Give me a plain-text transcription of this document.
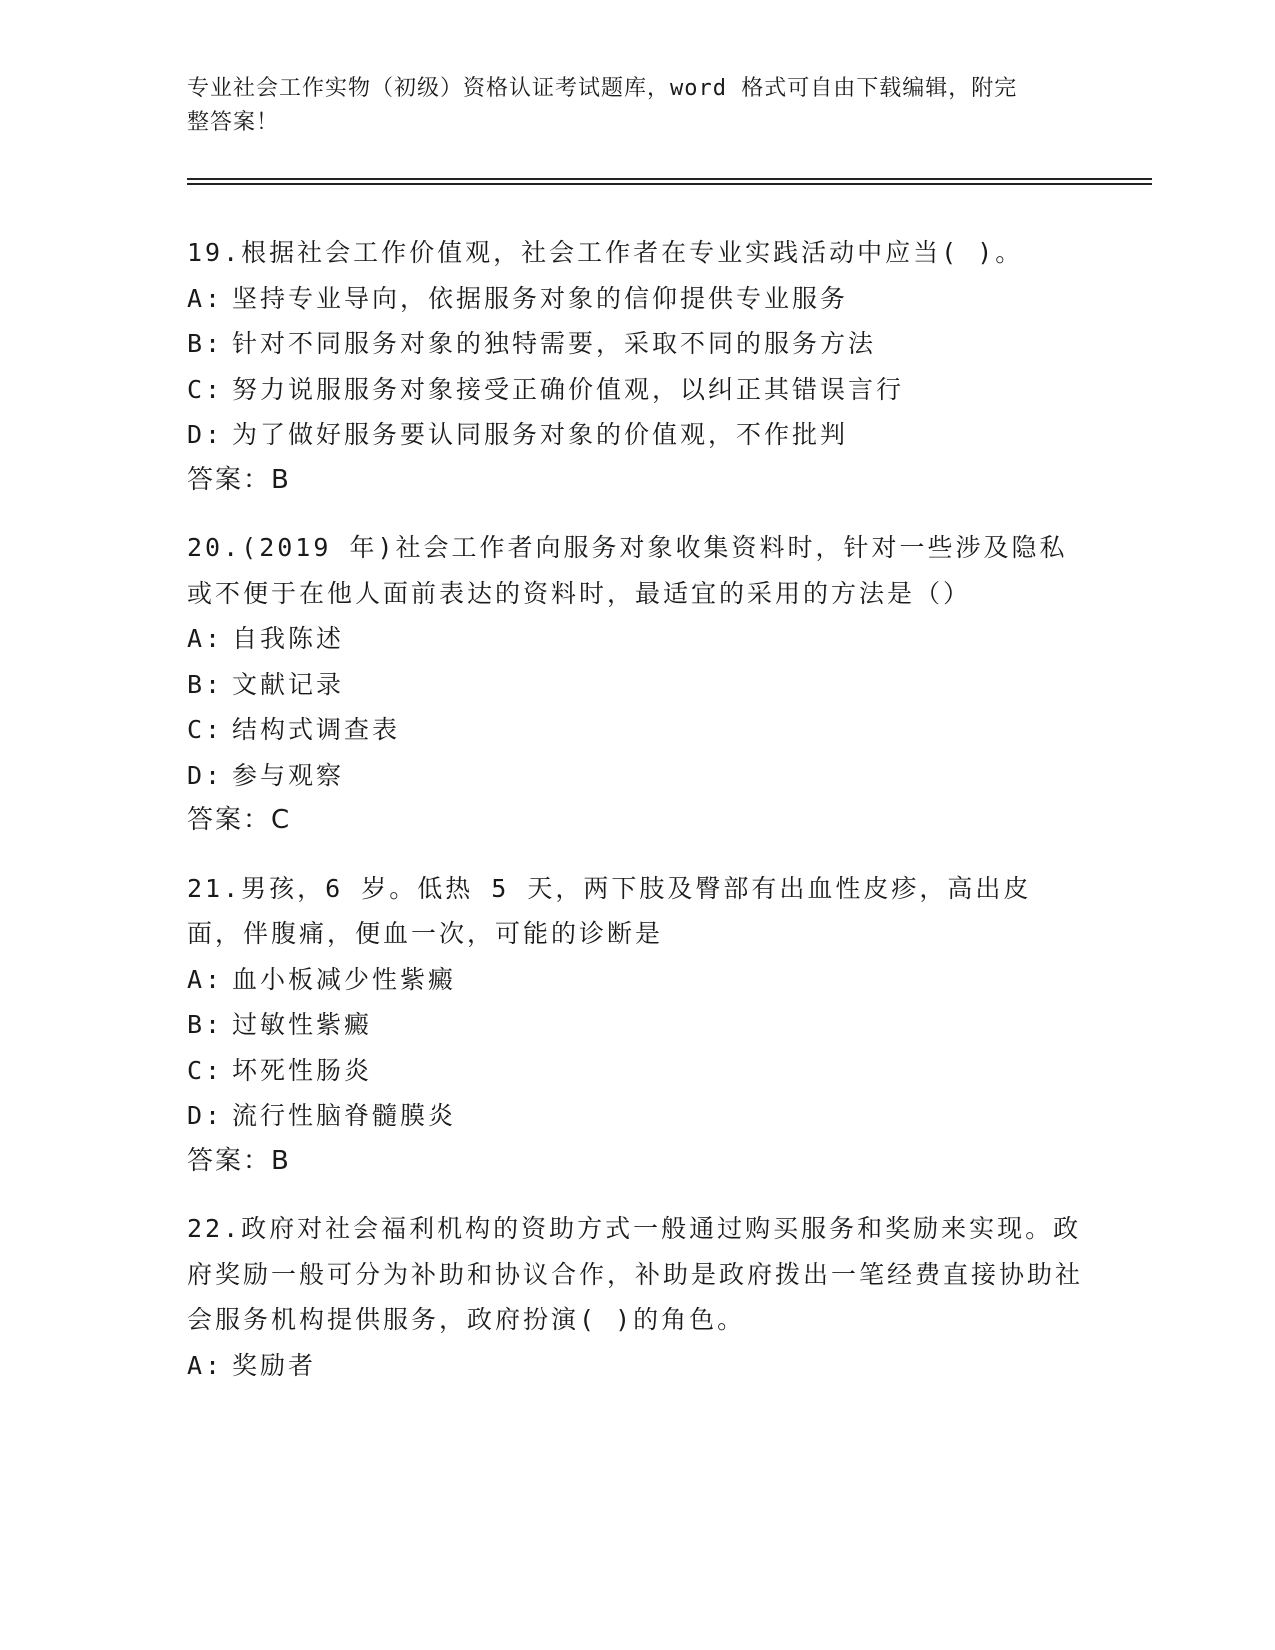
专业社会工作实物（初级）资格认证考试题库，word 格式可自由下载编辑，附完
整答案！
19.根据社会工作价值观，社会工作者在专业实践活动中应当( )。
A: 坚持专业导向，依据服务对象的信仰提供专业服务
B: 针对不同服务对象的独特需要，采取不同的服务方法
C: 努力说服服务对象接受正确价值观，以纠正其错误言行
D: 为了做好服务要认同服务对象的价值观，不作批判
答案：B
20.(2019 年)社会工作者向服务对象收集资料时，针对一些涉及隐私或不便于在他人面前表达的资料时，最适宜的采用的方法是（）
A: 自我陈述
B: 文献记录
C: 结构式调查表
D: 参与观察
答案：C
21.男孩，6 岁。低热 5 天，两下肢及臀部有出血性皮疹，高出皮面，伴腹痛，便血一次，可能的诊断是
A: 血小板减少性紫癜
B: 过敏性紫癜
C: 坏死性肠炎
D: 流行性脑脊髓膜炎
答案：B
22.政府对社会福利机构的资助方式一般通过购买服务和奖励来实现。政府奖励一般可分为补助和协议合作，补助是政府拨出一笔经费直接协助社会服务机构提供服务，政府扮演( )的角色。
A: 奖励者
